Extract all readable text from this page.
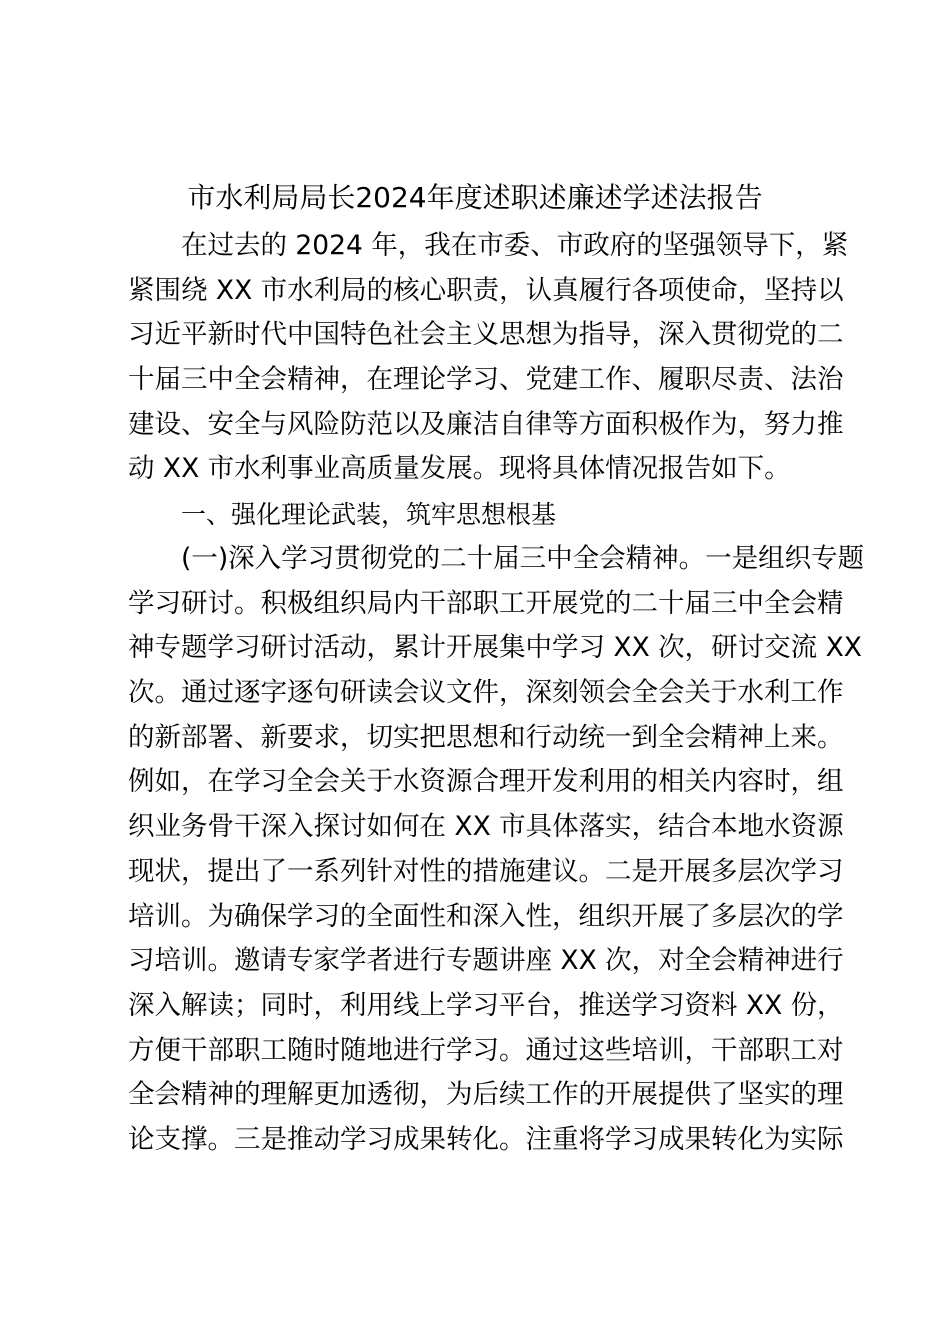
市水利局局长2024年度述职述廉述学述法报告
在过去的 2024 年，我在市委、市政府的坚强领导下，紧
紧围绕 XX 市水利局的核心职责，认真履行各项使命，坚持以
习近平新时代中国特色社会主义思想为指导，深入贯彻党的二
十届三中全会精神，在理论学习、党建工作、履职尽责、法治
建设、安全与风险防范以及廉洁自律等方面积极作为，努力推
动 XX 市水利事业高质量发展。现将具体情况报告如下。
一、强化理论武装，筑牢思想根基
(一)深入学习贯彻党的二十届三中全会精神。一是组织专题
学习研讨。积极组织局内干部职工开展党的二十届三中全会精
神专题学习研讨活动，累计开展集中学习 XX 次，研讨交流 XX
次。通过逐字逐句研读会议文件，深刻领会全会关于水利工作
的新部署、新要求，切实把思想和行动统一到全会精神上来。
例如，在学习全会关于水资源合理开发利用的相关内容时，组
织业务骨干深入探讨如何在 XX 市具体落实，结合本地水资源
现状，提出了一系列针对性的措施建议。二是开展多层次学习
培训。为确保学习的全面性和深入性，组织开展了多层次的学
习培训。邀请专家学者进行专题讲座 XX 次，对全会精神进行
深入解读；同时，利用线上学习平台，推送学习资料 XX 份，
方便干部职工随时随地进行学习。通过这些培训，干部职工对
全会精神的理解更加透彻，为后续工作的开展提供了坚实的理
论支撑。三是推动学习成果转化。注重将学习成果转化为实际
